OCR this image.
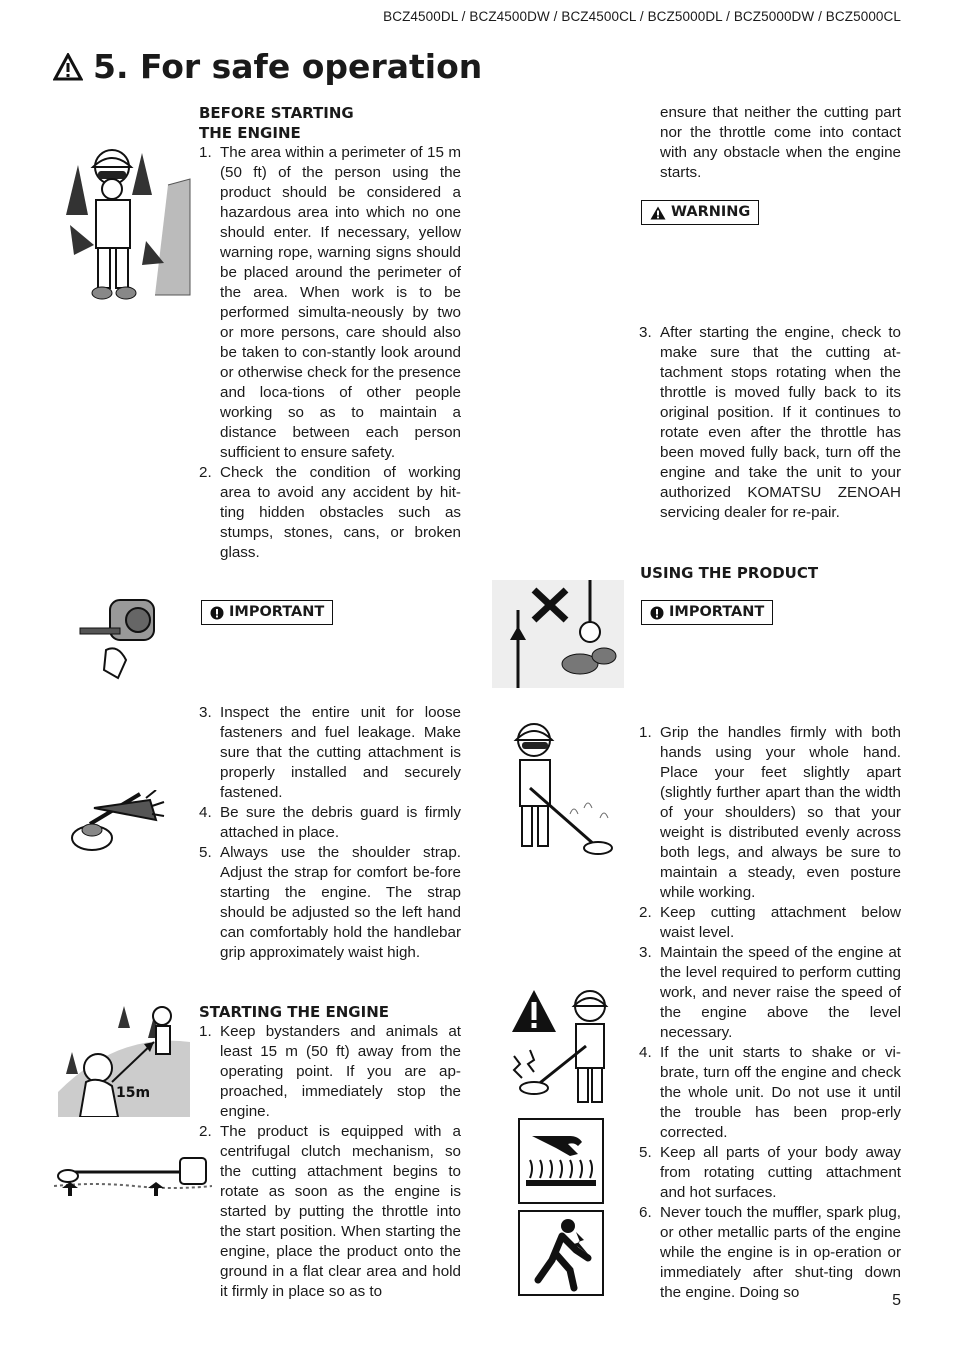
BCZ4500DL / BCZ4500DW / BCZ4500CL / BCZ5000DL / BCZ5000DW / BCZ5000CL
5. For safe operation

BEFORE STARTING

THE ENGINE

1. The area within a perimeter of 15 m (50 ft) of the person using the product should be considered a hazardous area into which no one should enter. If necessary, yellow warning rope, warning signs should be placed around the perimeter of the area. When work is to be performed simulta-neously by two or more persons, care should also be taken to con-stantly look around or otherwise check for the presence and loca-tions of other people working so as to maintain a distance between each person sufficient to ensure safety.
2. Check the condition of working area to avoid any accident by hit-ting hidden obstacles such as stumps, stones, cans, or broken glass.
IMPORTANT
3. Inspect the entire unit for loose fasteners and fuel leakage. Make sure that the cutting attachment is properly installed and securely fastened.
4. Be sure the debris guard is firmly attached in place.
5. Always use the shoulder strap. Adjust the strap for comfort be-fore starting the engine. The strap should be adjusted so the left hand can comfortably hold the handlebar grip approximately waist high.

STARTING THE ENGINE

1. Keep bystanders and animals at least 15 m (50 ft) away from the operating point. If you are ap-proached, immediately stop the engine.
2. The product is equipped with a centrifugal clutch mechanism, so the cutting attachment begins to rotate as soon as the engine is started by putting the throttle into the start position. When starting the engine, place the product onto the ground in a flat clear area and hold it firmly in place so as to

ensure that neither the cutting part nor the throttle come into contact with any obstacle when the engine starts.

WARNING
3. After starting the engine, check to make sure that the cutting at-tachment stops rotating when the throttle is moved fully back to its original position. If it continues to rotate even after the throttle has been moved fully back, turn off the engine and take the unit to your authorized KOMATSU ZENOAH servicing dealer for re-pair.

USING THE PRODUCT

IMPORTANT
1. Grip the handles firmly with both hands using your whole hand. Place your feet slightly apart (slightly further apart than the width of your shoulders) so that your weight is distributed evenly across both legs, and always be sure to maintain a steady, even posture while working.
2. Keep cutting attachment below waist level.
3. Maintain the speed of the engine at the level required to perform cutting work, and never raise the speed of the engine above the level necessary.
4. If the unit starts to shake or vi-brate, turn off the engine and check the whole unit. Do not use it until the trouble has been prop-erly corrected.
5. Keep all parts of your body away from rotating cutting attachment and hot surfaces.
6. Never touch the muffler, spark plug, or other metallic parts of the engine while the engine is in op-eration or immediately after shut-ting down the engine. Doing so	5
15m
